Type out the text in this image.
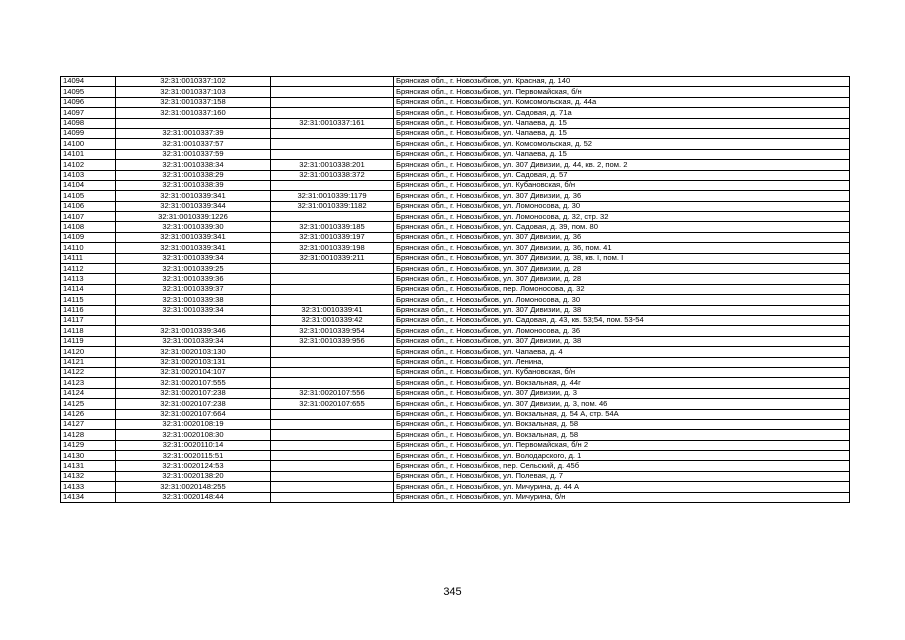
14094	32:31:0010337:102		Брянская обл., г. Новозыбков, ул. Красная, д. 140
14095	32:31:0010337:103		Брянская обл., г. Новозыбков, ул. Первомайская, б/н
14096	32:31:0010337:158		Брянская обл., г. Новозыбков, ул. Комсомольская, д. 44а
14097	32:31:0010337:160		Брянская обл., г. Новозыбков, ул. Садовая, д. 71а
14098		32:31:0010337:161	Брянская обл., г. Новозыбков, ул. Чапаева, д. 15
14099	32:31:0010337:39		Брянская обл., г. Новозыбков, ул. Чапаева, д. 15
14100	32:31:0010337:57		Брянская обл., г. Новозыбков, ул. Комсомольская, д. 52
14101	32:31:0010337:59		Брянская обл., г. Новозыбков, ул. Чапаева, д. 15
14102	32:31:0010338:34	32:31:0010338:201	Брянская обл., г. Новозыбков, ул. 307 Дивизии, д. 44, кв. 2, пом. 2
14103	32:31:0010338:29	32:31:0010338:372	Брянская обл., г. Новозыбков, ул. Садовая, д. 57
14104	32:31:0010338:39		Брянская обл., г. Новозыбков, ул. Кубановская, б/н
14105	32:31:0010339:341	32:31:0010339:1179	Брянская обл., г. Новозыбков, ул. 307 Дивизии, д. 36
14106	32:31:0010339:344	32:31:0010339:1182	Брянская обл., г. Новозыбков, ул. Ломоносова, д. 30
14107	32:31:0010339:1226		Брянская обл., г. Новозыбков, ул. Ломоносова, д. 32, стр. 32
14108	32:31:0010339:30	32:31:0010339:185	Брянская обл., г. Новозыбков, ул. Садовая, д. 39, пом. 80
14109	32:31:0010339:341	32:31:0010339:197	Брянская обл., г. Новозыбков, ул. 307 Дивизии, д. 36
14110	32:31:0010339:341	32:31:0010339:198	Брянская обл., г. Новозыбков, ул. 307 Дивизии, д. 36, пом. 41
14111	32:31:0010339:34	32:31:0010339:211	Брянская обл., г. Новозыбков, ул. 307 Дивизии, д. 38, кв. I, пом. I
14112	32:31:0010339:25		Брянская обл., г. Новозыбков, ул. 307 Дивизии, д. 28
14113	32:31:0010339:36		Брянская обл., г. Новозыбков, ул. 307 Дивизии, д. 28
14114	32:31:0010339:37		Брянская обл., г. Новозыбков, пер. Ломоносова, д. 32
14115	32:31:0010339:38		Брянская обл., г. Новозыбков, ул. Ломоносова, д. 30
14116	32:31:0010339:34	32:31:0010339:41	Брянская обл., г. Новозыбков, ул. 307 Дивизии, д. 38
14117		32:31:0010339:42	Брянская обл., г. Новозыбков, ул. Садовая, д. 43, кв. 53;54, пом. 53-54
14118	32:31:0010339:346	32:31:0010339:954	Брянская обл., г. Новозыбков, ул. Ломоносова, д. 36
14119	32:31:0010339:34	32:31:0010339:956	Брянская обл., г. Новозыбков, ул. 307 Дивизии, д. 38
14120	32:31:0020103:130		Брянская обл., г. Новозыбков, ул. Чапаева, д. 4
14121	32:31:0020103:131		Брянская обл., г. Новозыбков, ул. Ленина,
14122	32:31:0020104:107		Брянская обл., г. Новозыбков, ул. Кубановская, б/н
14123	32:31:0020107:555		Брянская обл., г. Новозыбков, ул. Вокзальная, д. 44г
14124	32:31:0020107:238	32:31:0020107:556	Брянская обл., г. Новозыбков, ул. 307 Дивизии, д. 3
14125	32:31:0020107:238	32:31:0020107:655	Брянская обл., г. Новозыбков, ул. 307 Дивизии, д. 3, пом. 46
14126	32:31:0020107:664		Брянская обл., г. Новозыбков, ул. Вокзальная, д. 54 А, стр. 54А
14127	32:31:0020108:19		Брянская обл., г. Новозыбков, ул. Вокзальная, д. 58
14128	32:31:0020108:30		Брянская обл., г. Новозыбков, ул. Вокзальная, д. 58
14129	32:31:0020110:14		Брянская обл., г. Новозыбков, ул. Первомайская, б/н 2
14130	32:31:0020115:51		Брянская обл., г. Новозыбков, ул. Володарского, д. 1
14131	32:31:0020124:53		Брянская обл., г. Новозыбков, пер. Сельский, д. 45б
14132	32:31:0020138:20		Брянская обл., г. Новозыбков, ул. Полевая, д. 7
14133	32:31:0020148:255		Брянская обл., г. Новозыбков, ул. Мичурина, д. 44 А
14134	32:31:0020148:44		Брянская обл., г. Новозыбков, ул. Мичурина, б/н
345
